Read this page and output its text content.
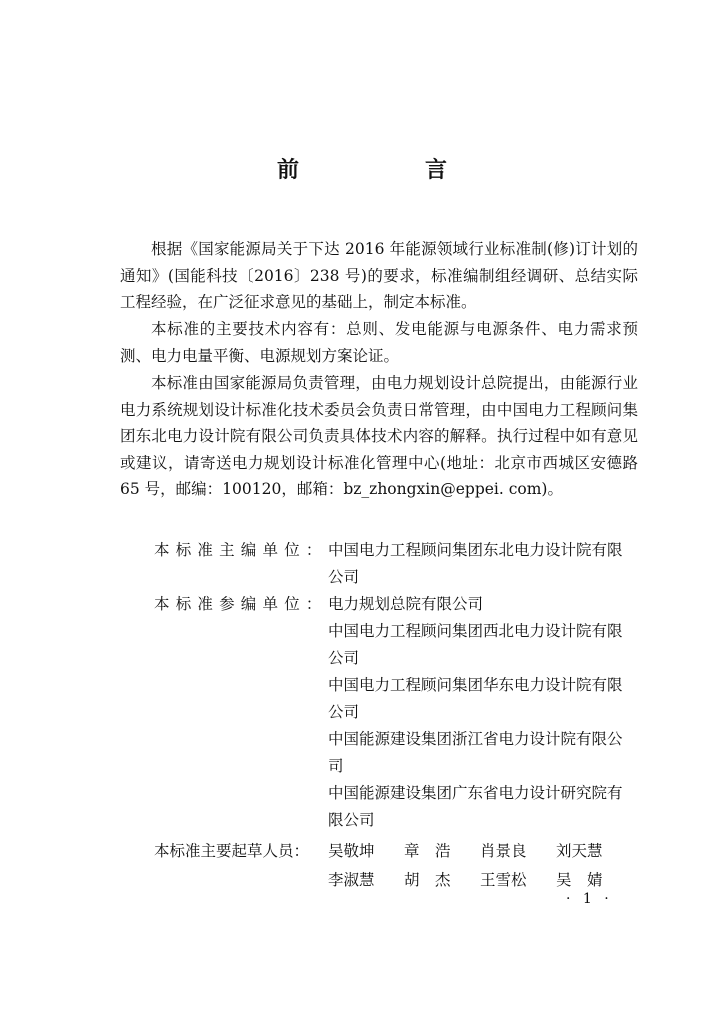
前　言

根据《国家能源局关于下达 2016 年能源领域行业标准制(修)订计划的通知》(国能科技〔2016〕238 号)的要求，标准编制组经调研、总结实际工程经验，在广泛征求意见的基础上，制定本标准。

本标准的主要技术内容有：总则、发电能源与电源条件、电力需求预测、电力电量平衡、电源规划方案论证。

本标准由国家能源局负责管理，由电力规划设计总院提出，由能源行业电力系统规划设计标准化技术委员会负责日常管理，由中国电力工程顾问集团东北电力设计院有限公司负责具体技术内容的解释。执行过程中如有意见或建议，请寄送电力规划设计标准化管理中心(地址：北京市西城区安德路 65 号，邮编：100120，邮箱：bz_zhongxin@eppei. com)。

本标准主编单位： 中国电力工程顾问集团东北电力设计院有限公司

本标准参编单位： 电力规划总院有限公司

中国电力工程顾问集团西北电力设计院有限公司

中国电力工程顾问集团华东电力设计院有限公司

中国能源建设集团浙江省电力设计院有限公司

中国能源建设集团广东省电力设计研究院有限公司

本标准主要起草人员： 吴敬坤 章　浩 肖景良 刘天慧
李淑慧 胡　杰 王雪松 吴　婧
· 1 ·
